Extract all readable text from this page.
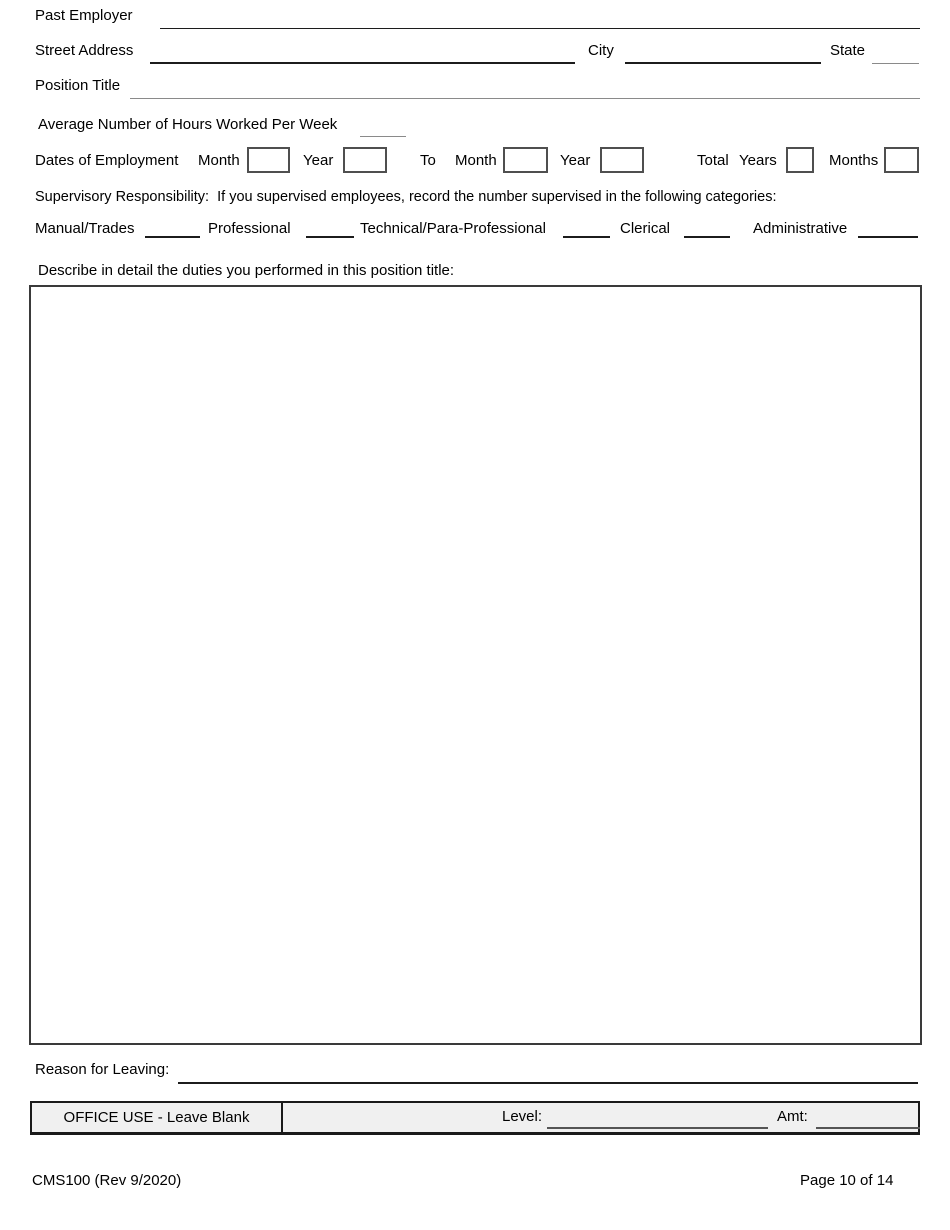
Past Employer
Street Address	City	State
Position Title
Average Number of Hours Worked Per Week
Dates of Employment Month	Year	To Month	Year	Total Years	Months
Supervisory Responsibility:  If you supervised employees, record the number supervised in the following categories:
Manual/Trades	Professional	Technical/Para-Professional	Clerical	Administrative
Describe in detail the duties you performed in this position title:
Reason for Leaving:
OFFICE USE - Leave Blank	Level:	Amt:
CMS100 (Rev 9/2020)	Page 10 of 14
